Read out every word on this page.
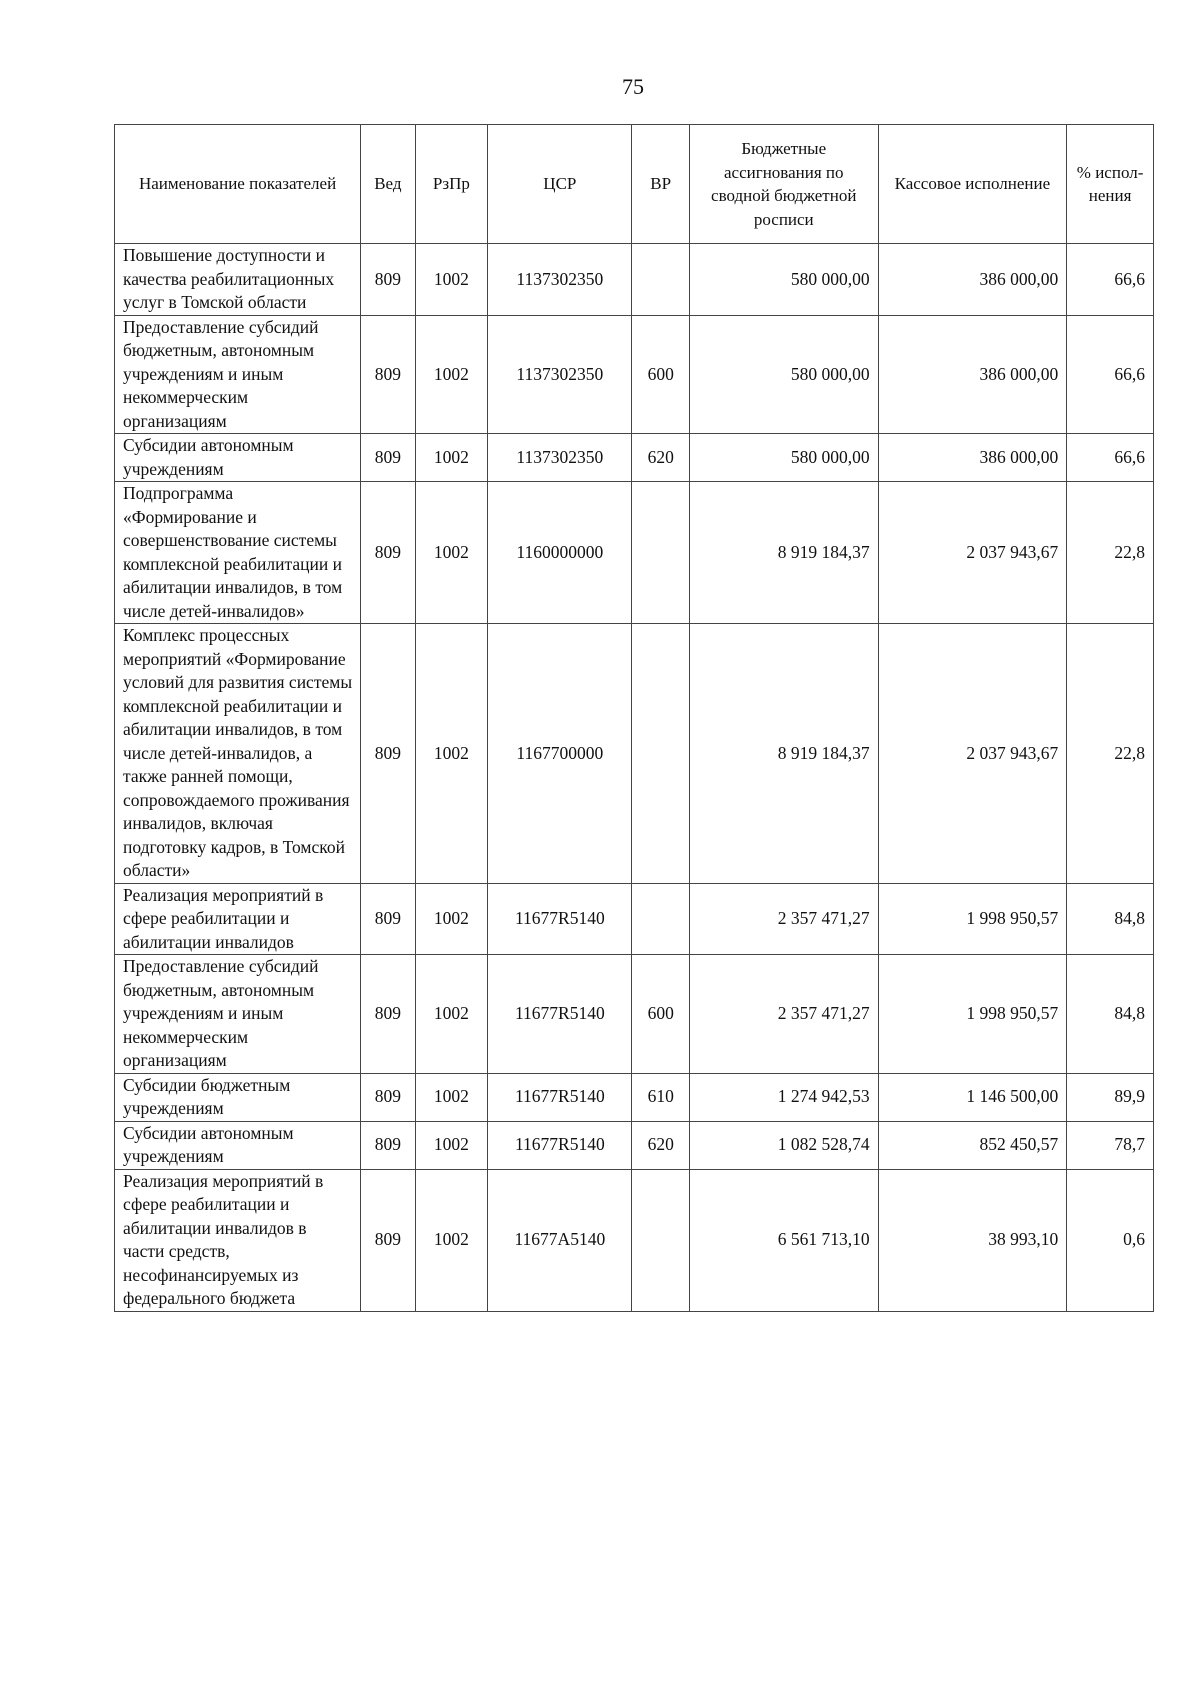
75
Наименование показателей	Вед	РзПр	ЦСР	ВР	Бюджетные ассигнования по сводной бюджетной росписи	Кассовое исполнение	% испол-нения
Повышение доступности и качества реабилитационных услуг в Томской области	809	1002	1137302350		580 000,00	386 000,00	66,6
Предоставление субсидий бюджетным, автономным учреждениям и иным некоммерческим организациям	809	1002	1137302350	600	580 000,00	386 000,00	66,6
Субсидии автономным учреждениям	809	1002	1137302350	620	580 000,00	386 000,00	66,6
Подпрограмма «Формирование и совершенствование системы комплексной реабилитации и абилитации инвалидов, в том числе детей-инвалидов»	809	1002	1160000000		8 919 184,37	2 037 943,67	22,8
Комплекс процессных мероприятий «Формирование условий для развития системы комплексной реабилитации и абилитации инвалидов, в том числе детей-инвалидов, а также ранней помощи, сопровождаемого проживания инвалидов, включая подготовку кадров, в Томской области»	809	1002	1167700000		8 919 184,37	2 037 943,67	22,8
Реализация мероприятий в сфере реабилитации и абилитации инвалидов	809	1002	11677R5140		2 357 471,27	1 998 950,57	84,8
Предоставление субсидий бюджетным, автономным учреждениям и иным некоммерческим организациям	809	1002	11677R5140	600	2 357 471,27	1 998 950,57	84,8
Субсидии бюджетным учреждениям	809	1002	11677R5140	610	1 274 942,53	1 146 500,00	89,9
Субсидии автономным учреждениям	809	1002	11677R5140	620	1 082 528,74	852 450,57	78,7
Реализация мероприятий в сфере реабилитации и абилитации инвалидов в части средств, несофинансируемых из федерального бюджета	809	1002	11677A5140		6 561 713,10	38 993,10	0,6
